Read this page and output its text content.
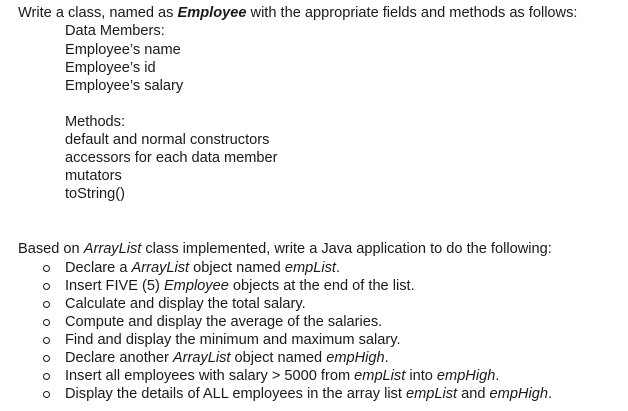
Write a class, named as Employee with the appropriate fields and methods as follows:
Data Members:
Employee’s name
Employee’s id
Employee’s salary
Methods:
default and normal constructors
accessors for each data member
mutators
toString()
Based on ArrayList class implemented, write a Java application to do the following:
Declare a ArrayList object named empList.
Insert FIVE (5) Employee objects at the end of the list.
Calculate and display the total salary.
Compute and display the average of the salaries.
Find and display the minimum and maximum salary.
Declare another ArrayList object named empHigh.
Insert all employees with salary > 5000 from empList into empHigh.
Display the details of ALL employees in the array list empList and empHigh.
